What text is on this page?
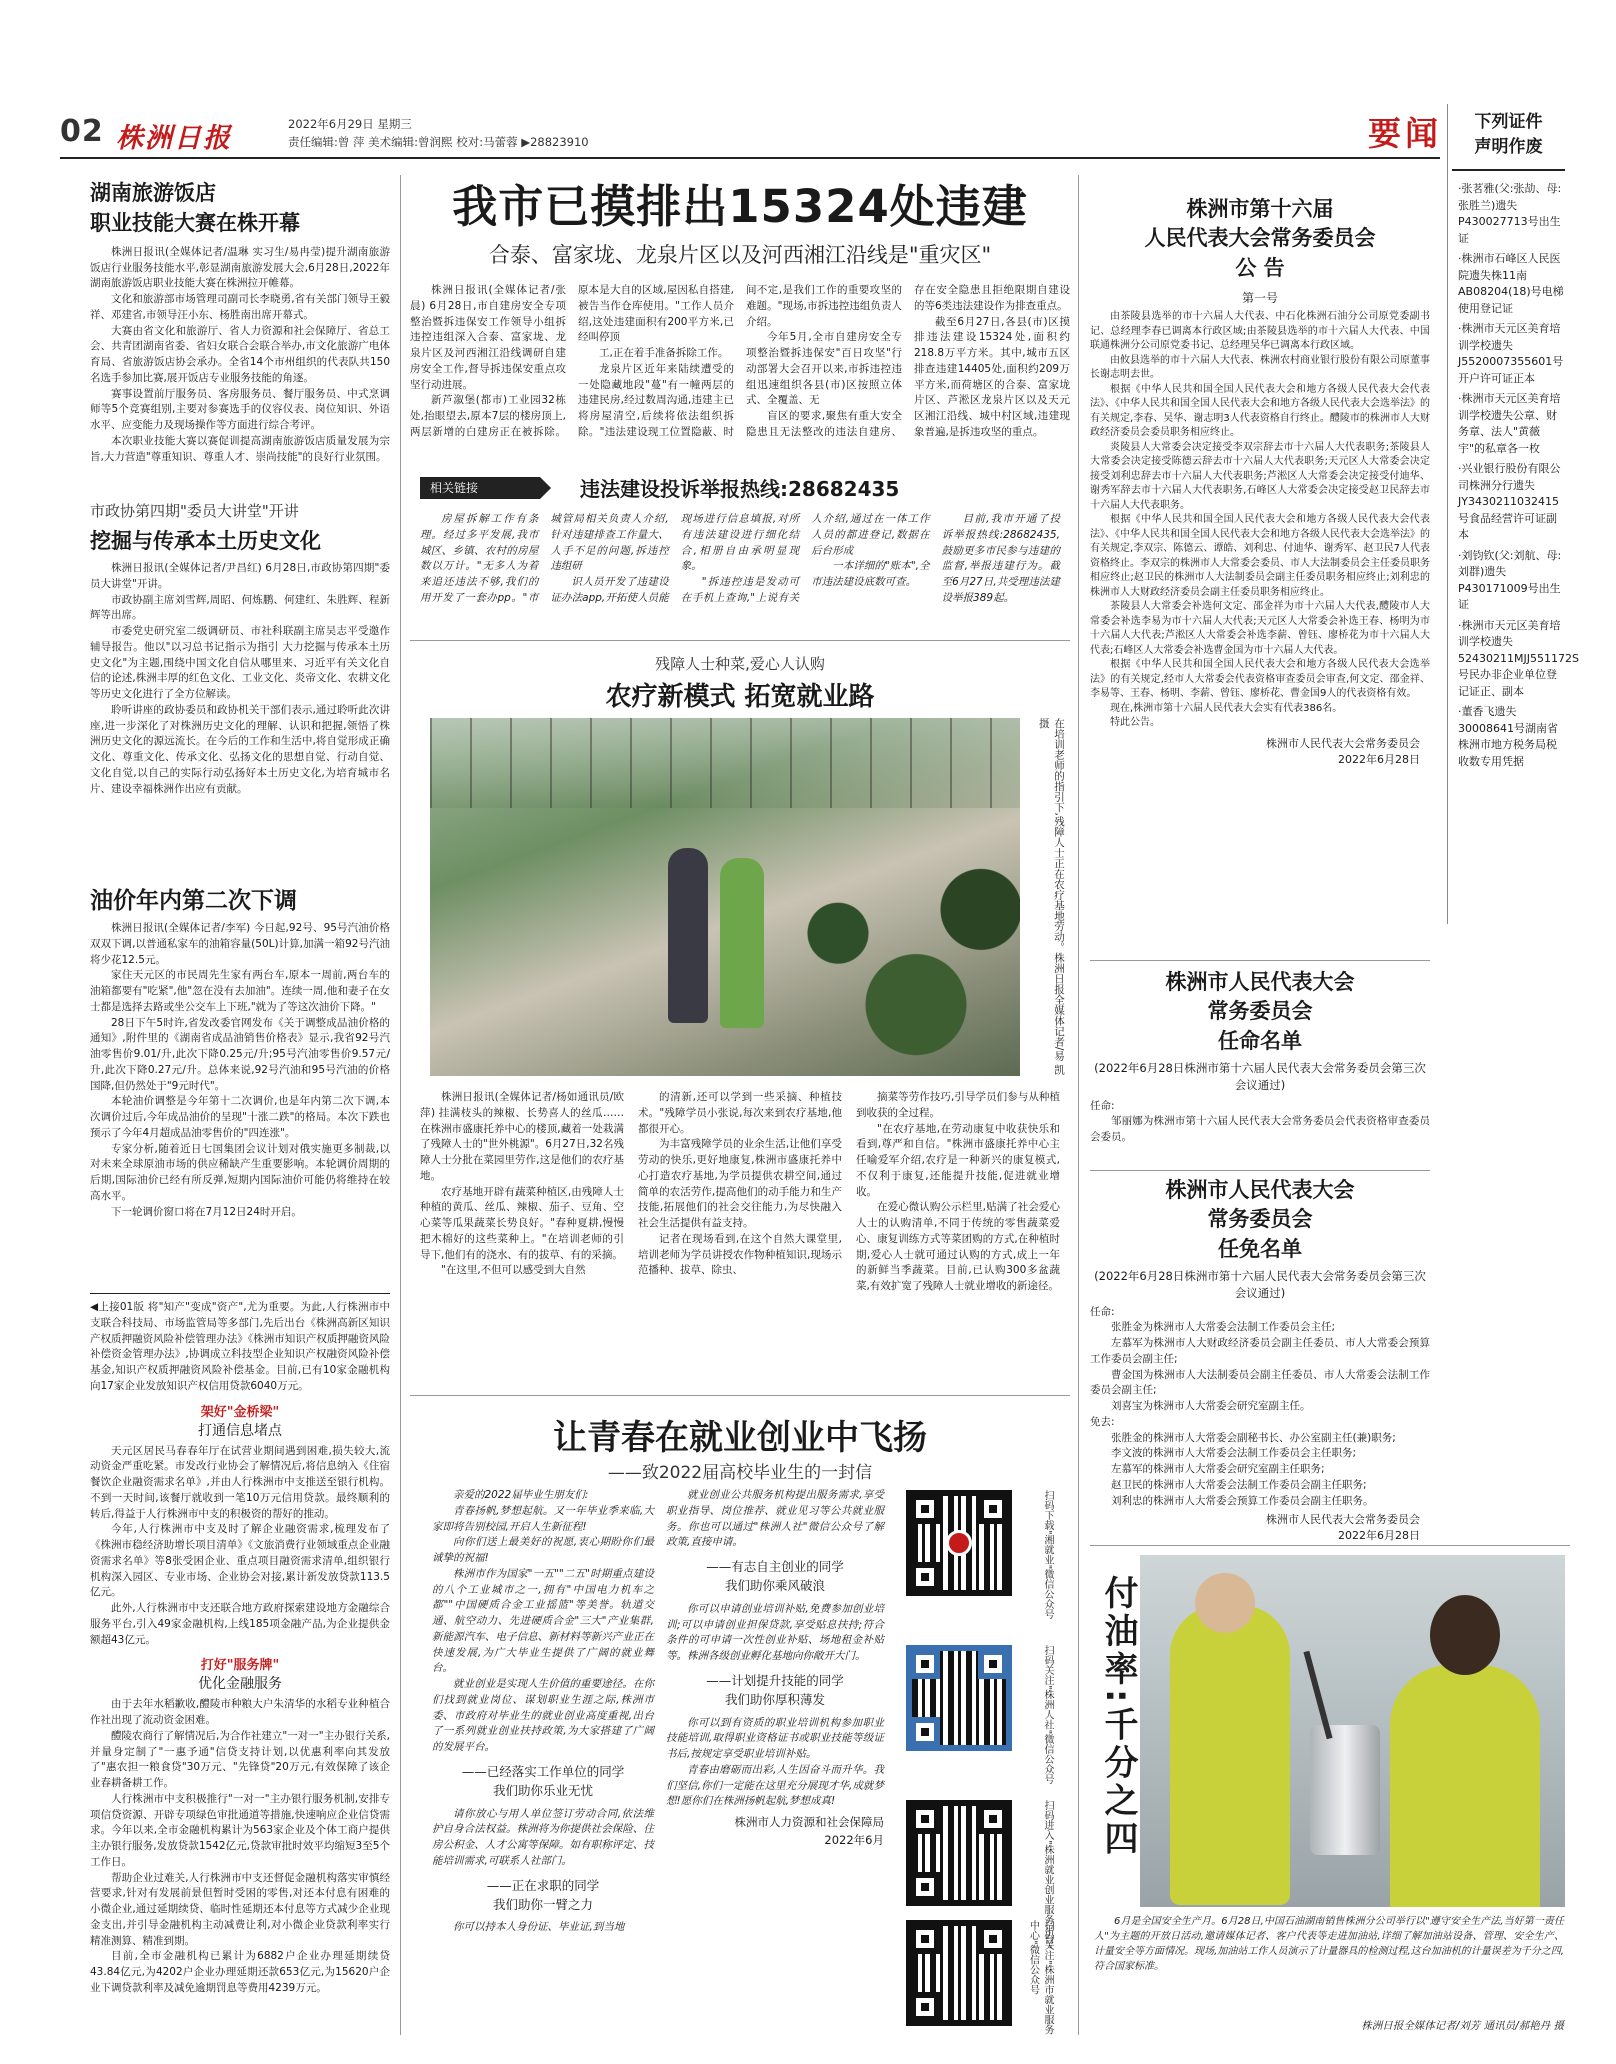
02 株洲日报	2022年6月29日 星期三
责任编辑:曾 萍 美术编辑:曾润熙 校对:马蕾蓉 ▶28823910	要闻	下列证件
声明作废
·张茗雅(父:张劼、母:张胜兰)遗失P430027713号出生证
·株洲市石峰区人民医院遗失株11南AB08204(18)号电梯使用登记证
·株洲市天元区美育培训学校遗失J5520007355601号开户许可证正本
·株洲市天元区美育培训学校遗失公章、财务章、法人"黄薇宇"的私章各一枚
·兴业银行股份有限公司株洲分行遗失JY3430211032415号食品经营许可证副本
·刘钧钦(父:刘航、母:刘群)遗失P430171009号出生证
·株洲市天元区美育培训学校遗失52430211MJJ551172S号民办非企业单位登记证正、副本
·董香飞遗失30008641号湖南省株洲市地方税务局税收数专用凭据
湖南旅游饭店
职业技能大赛在株开幕

株洲日报讯(全媒体记者/温琳 实习生/易冉莹)提升湖南旅游饭店行业服务技能水平,彰显湖南旅游发展大会,6月28日,2022年湖南旅游饭店职业技能大赛在株洲拉开帷幕。

文化和旅游部市场管理司副司长李晓勇,省有关部门领导王毅祥、邓建省,市领导汪小东、杨胜南出席开幕式。

大赛由省文化和旅游厅、省人力资源和社会保障厅、省总工会、共青团湖南省委、省妇女联合会联合举办,市文化旅游广电体育局、省旅游饭店协会承办。全省14个市州组织的代表队共150名选手参加比赛,展开饭店专业服务技能的角逐。

赛事设置前厅服务员、客房服务员、餐厅服务员、中式烹调师等5个竞赛组别,主要对参赛选手的仪容仪表、岗位知识、外语水平、应变能力及现场操作等方面进行综合考评。

本次职业技能大赛以赛促训提高湖南旅游饭店质量发展为宗旨,大力营造"尊重知识、尊重人才、崇尚技能"的良好行业氛围。

市政协第四期"委员大讲堂"开讲
挖掘与传承本土历史文化

株洲日报讯(全媒体记者/尹昌红) 6月28日,市政协第四期"委员大讲堂"开讲。

市政协副主席刘雪辉,周昭、何炼鹏、何建红、朱胜辉、程新辉等出席。

市委党史研究室二级调研员、市社科联副主席吴志平受邀作辅导报告。他以"以习总书记指示为指引 大力挖掘与传承本土历史文化"为主题,围绕中国文化自信从哪里来、习近平有关文化自信的论述,株洲丰厚的红色文化、工业文化、炎帝文化、农耕文化等历史文化进行了全方位解读。

聆听讲座的政协委员和政协机关干部们表示,通过聆听此次讲座,进一步深化了对株洲历史文化的理解、认识和把握,领悟了株洲历史文化的源远流长。在今后的工作和生活中,将自觉形成正确文化、尊重文化、传承文化、弘扬文化的思想自觉、行动自觉、文化自觉,以自己的实际行动弘扬好本土历史文化,为培育城市名片、建设幸福株洲作出应有贡献。

油价年内第二次下调

株洲日报讯(全媒体记者/李军) 今日起,92号、95号汽油价格双双下调,以普通私家车的油箱容量(50L)计算,加满一箱92号汽油将少花12.5元。

家住天元区的市民周先生家有两台车,原本一周前,两台车的油箱都要有"吃紧",他"忽在没有去加油"。连续一周,他和妻子在女士都是选择去路或坐公交车上下班,"就为了等这次油价下降。"

28日下午5时许,省发改委官网发布《关于调整成品油价格的通知》,附件里的《湖南省成品油销售价格表》显示,我省92号汽油零售价9.01/升,此次下降0.25元/升;95号汽油零售价9.57元/升,此次下降0.27元/升。总体来说,92号汽油和95号汽油的价格国降,但仍然处于"9元时代"。

本轮油价调整是今年第十二次调价,也是年内第二次下调,本次调价过后,今年成品油价的呈现"十涨二跌"的格局。本次下跌也预示了今年4月超成品油零售价的"四连涨"。

专家分析,随着近日七国集团会议计划对俄实施更多制裁,以对未来全球原油市场的供应稀缺产生重要影响。本轮调价周期的后期,国际油价已经有所反弹,短期内国际油价可能仍将维持在较高水平。

下一轮调价窗口将在7月12日24时开启。

◀上接01版 将"知产"变成"资产",尤为重要。为此,人行株洲市中支联合科技局、市场监管局等多部门,先后出台《株洲高新区知识产权质押融资风险补偿管理办法》《株洲市知识产权质押融资风险补偿资金管理办法》,协调成立科技型企业知识产权融资风险补偿基金,知识产权质押融资风险补偿基金。目前,已有10家金融机构向17家企业发放知识产权信用贷款6040万元。
架好"金桥梁"
打通信息堵点

天元区居民马春春年厅在试营业期间遇到困难,损失较大,流动资金严重吃紧。市发改行业协会了解情况后,将信息纳入《住宿餐饮企业融资需求名单》,并由人行株洲市中支推送至银行机构。不到一天时间,该餐厅就收到一笔10万元信用贷款。最终顺利的转后,得益于人行株洲市中支的积极资的帮好的推动。

今年,人行株洲市中支及时了解企业融资需求,梳理发布了《株洲市稳经济助增长项目清单》《文旅消费行业领域重点企业融资需求名单》等8张受困企业、重点项目融资需求清单,组织银行机构深入园区、专业市场、企业协会对接,累计新发放贷款113.5亿元。

此外,人行株洲市中支还联合地方政府探索建设地方金融综合服务平台,引入49家金融机构,上线185项金融产品,为企业提供金额超43亿元。

打好"服务牌"
优化金融服务

由于去年水稻歉收,醴陵市种粮大户朱清华的水稻专业种植合作社出现了流动资金困难。

醴陵农商行了解情况后,为合作社建立"一对一"主办银行关系,并量身定制了"一惠予通"信贷支持计划,以优惠利率向其发放了"惠农担一粮食贷"30万元、"先锋贷"20万元,有效保障了该企业春耕备耕工作。

人行株洲市中支积极推行"一对一"主办银行服务机制,安排专项信贷资源、开辟专项绿色审批通道等措施,快速响应企业信贷需求。今年以来,全市金融机构累计为563家企业及个体工商户提供主办银行服务,发放贷款1542亿元,贷款审批时效平均缩短3至5个工作日。

帮助企业过难关,人行株洲市中支还督促金融机构落实审慎经营要求,针对有发展前景但暂时受困的零售,对还本付息有困难的小微企业,通过延期续贷、临时性延期还本付息等方式减少企业现金支出,并引导金融机构主动减费让利,对小微企业贷款利率实行精准测算、精准到期。

目前,全市金融机构已累计为6882户企业办理延期续贷43.84亿元,为4202户企业办理延期还款653亿元,为15620户企业下调贷款利率及减免逾期罚息等费用4239万元。

我市已摸排出15324处违建
合泰、富家垅、龙泉片区以及河西湘江沿线是"重灾区"

株洲日报讯(全媒体记者/张晨) 6月28日,市自建房安全专项整治暨拆违保安工作领导小组拆违控违组深入合泰、富家垅、龙泉片区及河西湘江沿线调研自建房安全工作,督导拆违保安重点攻坚行动进展。

新芦溆堡(都市)工业园32栋处,抬眼望去,原本7层的楼房顶上,两层新增的白建房正在被拆除。原本是大自的区域,屋因私自搭建,被告当作仓库使用。"工作人员介绍,这处违建面积有200平方米,已经叫停顶

工,正在着手准备拆除工作。

龙泉片区近年来陆续遭受的一处隐藏地段"蔓"有一幢两层的违建民房,经过数周沟通,违建主已将房屋清空,后续将依法组织拆除。"违法建设现工位置隐蔽、时间不定,是我们工作的重要攻坚的难题。"现场,市拆违控违组负责人介绍。

今年5月,全市自建房安全专项整治暨拆违保安"百日攻坚"行动部署大会召开以来,市拆违控违组迅速组织各县(市)区按照立体式、全覆盖、无

盲区的要求,聚焦有重大安全隐患且无法整改的违法自建房、存在安全隐患且拒绝限期自建设的等6类违法建设作为排查重点。

截至6月27日,各县(市)区摸排违法建设15324处,面积约218.8万平方米。其中,城市五区排查违建14405处,面积约209万平方米,而荷塘区的合泰、富家垅片区、芦淞区龙泉片区以及天元区湘江沿线、城中村区域,违建现象普遍,是拆违攻坚的重点。

相关链接	违法建设投诉举报热线:28682435

房屋拆解工作有条理。经过多平发展,我市城区、乡镇、农村的房屋数以万计。"无多人为着来追还违法不够,我们的用开发了一套办pp。"市城管局相关负责人介绍,针对违建排查工作量大、人手不足的问题,拆违控违组研

识人员开发了违建设证办法app,开拓使人员能现场进行信息填报,对所有违法建设进行细化结合,相册自由承明显现象。

"拆违控违是发动可在手机上查询,"上说有关人介绍,通过在一体工作人员的都进登记,数据在后台形成

一本详细的"账本",全市违法建设底数可查。

目前,我市开通了投诉举报热线:28682435,鼓励更多市民参与违建的监督,举报违建行为。截至6月27日,共受理违法建设举报389起。

残障人士种菜,爱心人认购
农疗新模式 拓宽就业路
在培训老师的指引下,残障人士正在农疗基地劳动。株洲日报全媒体记者/易 凯 摄

株洲日报讯(全媒体记者/杨如通讯员/欧萍) 挂满枝头的辣椒、长势喜人的丝瓜……在株洲市盛康托养中心的楼顶,藏着一处栽满了残障人士的"世外桃源"。6月27日,32名残障人士分批在菜园里劳作,这是他们的农疗基地。

农疗基地开辟有蔬菜种植区,由残障人士种植的黄瓜、丝瓜、辣椒、茄子、豆角、空心菜等瓜果蔬菜长势良好。"春种夏耕,慢慢把木棉好的这些菜种上。"在培训老师的引导下,他们有的浇水、有的拔草、有的采摘。

"在这里,不但可以感受到大自然

的清新,还可以学到一些采摘、种植技术。"残障学员小张说,每次来到农疗基地,他都很开心。

为丰富残障学员的业余生活,让他们享受劳动的快乐,更好地康复,株洲市盛康托养中心打造农疗基地,为学员提供农耕空间,通过简单的农活劳作,提高他们的动手能力和生产技能,拓展他们的社会交往能力,为尽快融入社会生活提供有益支持。

记者在现场看到,在这个自然大课堂里,培训老师为学员讲授农作物种植知识,现场示范播种、拔草、除虫、

摘菜等劳作技巧,引导学员们参与从种植到收获的全过程。

"在农疗基地,在劳动康复中收获快乐和看到,尊严和自信。"株洲市盛康托养中心主任喻爱军介绍,农疗是一种新兴的康复模式,不仅利于康复,还能提升技能,促进就业增收。

在爱心微认购公示栏里,贴满了社会爱心人士的认购清单,不同于传统的零售蔬菜爱心、康复训练方式等菜团购的方式,在种植时期,爱心人士就可通过认购的方式,成上一年的新鲜当季蔬菜。目前,已认购300多盆蔬菜,有效扩宽了残障人士就业增收的新途径。

让青春在就业创业中飞扬
——致2022届高校毕业生的一封信

亲爱的2022届毕业生朋友们:

青春扬帆,梦想起航。又一年毕业季来临,大家即将告别校园,开启人生新征程!

向你们送上最美好的祝愿,衷心期盼你们最诚挚的祝福!

株洲市作为国家"一五""二五"时期重点建设的八个工业城市之一,拥有"中国电力机车之都""中国硬质合金工业摇篮"等美誉。轨道交通、航空动力、先进硬质合金"三大"产业集群,新能源汽车、电子信息、新材料等新兴产业正在快速发展,为广大毕业生提供了广阔的就业舞台。

就业创业是实现人生价值的重要途径。在你们找到就业岗位、谋划职业生涯之际,株洲市委、市政府对毕业生的就业创业高度重视,出台了一系列就业创业扶持政策,为大家搭建了广阔的发展平台。

——已经落实工作单位的同学
我们助你乐业无忧

请你放心与用人单位签订劳动合同,依法维护自身合法权益。株洲将为你提供社会保险、住房公积金、人才公寓等保障。如有职称评定、技能培训需求,可联系人社部门。

——正在求职的同学
我们助你一臂之力

你可以持本人身份证、毕业证,到当地

就业创业公共服务机构提出服务需求,享受职业指导、岗位推荐、就业见习等公共就业服务。你也可以通过"株洲人社"微信公众号了解政策,直接申请。

——有志自主创业的同学
我们助你乘风破浪

你可以申请创业培训补贴,免费参加创业培训;可以申请创业担保贷款,享受贴息扶持;符合条件的可申请一次性创业补贴、场地租金补贴等。株洲各级创业孵化基地向你敞开大门。

——计划提升技能的同学
我们助你厚积薄发

你可以到有资质的职业培训机构参加职业技能培训,取得职业资格证书或职业技能等级证书后,按规定享受职业培训补贴。

青春由磨砺而出彩,人生因奋斗而升华。我们坚信,你们一定能在这里充分展现才华,成就梦想!愿你们在株洲扬帆起航,梦想成真!

株洲市人力资源和社会保障局
2022年6月
扫码下载"湘就业"微信公众号
扫码关注"株洲人社"微信公众号
扫码进入"株洲就业创业服务平台"
扫码关注"株洲市就业服务中心"微信公众号
株洲市第十六届
人民代表大会常务委员会
公 告
第一号

由茶陵县选举的市十六届人大代表、中石化株洲石油分公司原党委副书记、总经理李春已调离本行政区域;由茶陵县选举的市十六届人大代表、中国联通株洲分公司原党委书记、总经理吴华已调离本行政区域。

由攸县选举的市十六届人大代表、株洲农村商业银行股份有限公司原董事长谢志明去世。

根据《中华人民共和国全国人民代表大会和地方各级人民代表大会代表法》、《中华人民共和国全国人民代表大会和地方各级人民代表大会选举法》的有关规定,李春、吴华、谢志明3人代表资格自行终止。醴陵市的株洲市人大财政经济委员会委员职务相应终止。

炎陵县人大常委会决定接受李双宗辞去市十六届人大代表职务;茶陵县人大常委会决定接受陈德云辞去市十六届人大代表职务;天元区人大常委会决定接受刘利忠辞去市十六届人大代表职务;芦淞区人大常委会决定接受付迪华、谢秀军辞去市十六届人大代表职务,石峰区人大常委会决定接受赵卫民辞去市十六届人大代表职务。

根据《中华人民共和国全国人民代表大会和地方各级人民代表大会代表法》、《中华人民共和国全国人民代表大会和地方各级人民代表大会选举法》的有关规定,李双宗、陈德云、谭皓、刘利忠、付迪华、谢秀军、赵卫民7人代表资格终止。李双宗的株洲市人大常委会委员、市人大法制委员会主任委员职务相应终止;赵卫民的株洲市人大法制委员会副主任委员职务相应终止;刘利忠的株洲市人大财政经济委员会副主任委员职务相应终止。

茶陵县人大常委会补选何文定、邵金祥为市十六届人大代表,醴陵市人大常委会补选李易为市十六届人大代表;天元区人大常委会补选王春、杨明为市十六届人大代表;芦淞区人大常委会补选李薪、曾钰、廖桥花为市十六届人大代表;石峰区人大常委会补选曹金国为市十六届人大代表。

根据《中华人民共和国全国人民代表大会和地方各级人民代表大会选举法》的有关规定,经市人大常委会代表资格审查委员会审查,何文定、邵金祥、李易等、王春、杨明、李薪、曾钰、廖桥花、曹金国9人的代表资格有效。

现在,株洲市第十六届人民代表大会实有代表386名。

特此公告。

株洲市人民代表大会常务委员会
2022年6月28日
株洲市人民代表大会
常务委员会
任命名单
(2022年6月28日株洲市第十六届人民代表大会常务委员会第三次会议通过)
任命:

邹丽娜为株洲市第十六届人民代表大会常务委员会代表资格审查委员会委员。

株洲市人民代表大会
常务委员会
任免名单
(2022年6月28日株洲市第十六届人民代表大会常务委员会第三次会议通过)
任命:

张胜金为株洲市人大常委会法制工作委员会主任;

左慕军为株洲市人大财政经济委员会副主任委员、市人大常委会预算工作委员会副主任;

曹金国为株洲市人大法制委员会副主任委员、市人大常委会法制工作委员会副主任;

刘喜宝为株洲市人大常委会研究室副主任。

免去:

张胜金的株洲市人大常委会副秘书长、办公室副主任(兼)职务;

李文波的株洲市人大常委会法制工作委员会主任职务;

左慕军的株洲市人大常委会研究室副主任职务;

赵卫民的株洲市人大常委会法制工作委员会副主任职务;

刘利忠的株洲市人大常委会预算工作委员会副主任职务。

株洲市人民代表大会常务委员会
2022年6月28日
付油率:千分之四
6月是全国安全生产月。6月28日,中国石油湖南销售株洲分公司举行以"遵守安全生产法,当好第一责任人"为主题的开放日活动,邀请媒体记者、客户代表等走进加油站,详细了解加油站设备、管理、安全生产、计量安全等方面情况。现场,加油站工作人员演示了计量器具的检测过程,这台加油机的计量误差为千分之四,符合国家标准。
株洲日报全媒体记者/刘芳 通讯员/郝艳丹 摄
